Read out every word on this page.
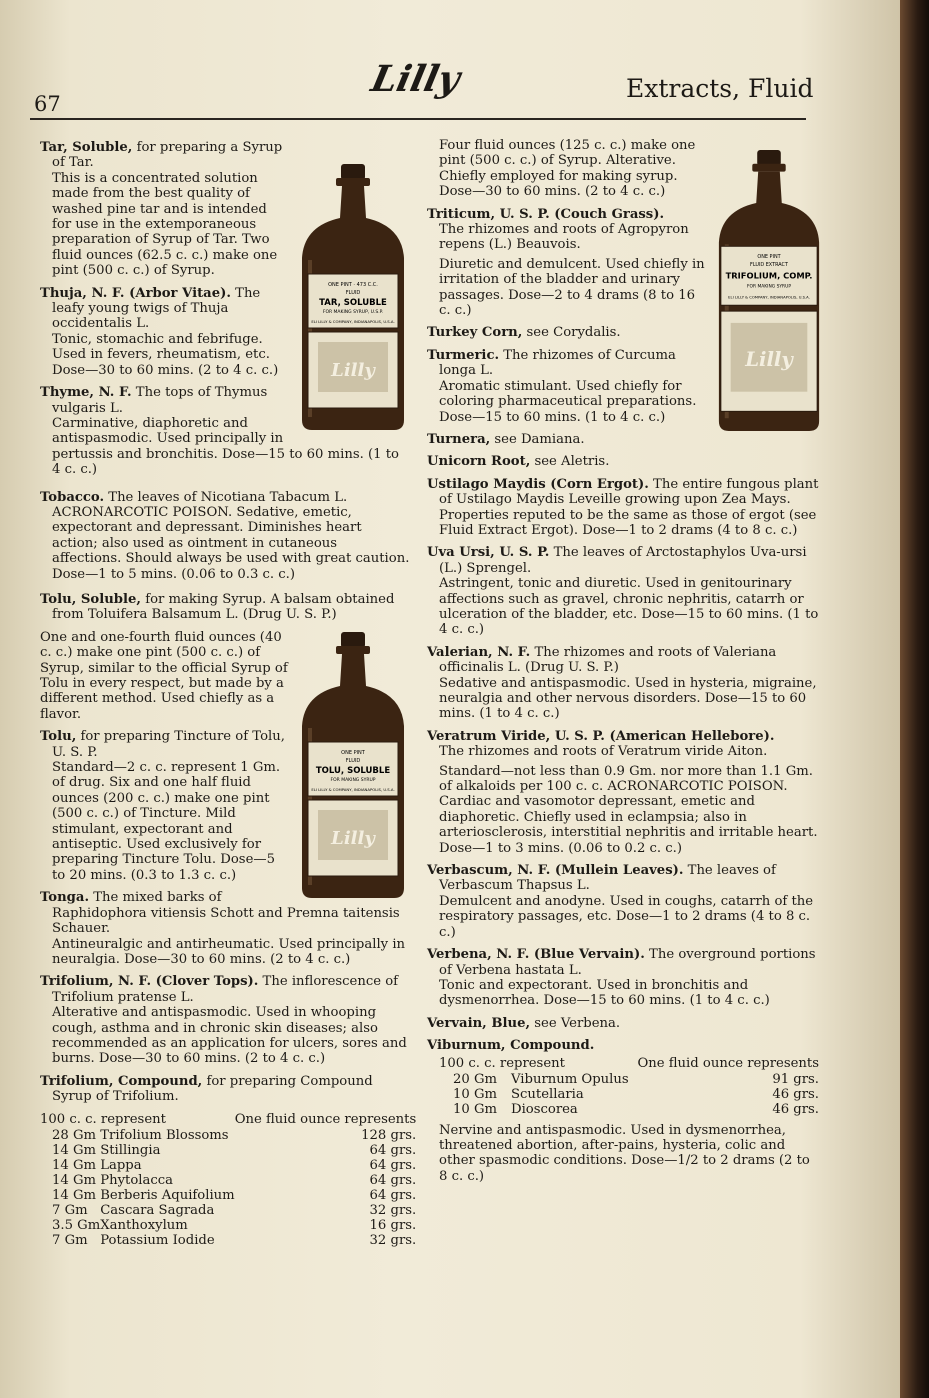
67
Lilly	Extracts, Fluid
ONE PINT · 473 C.C.
FLUID
TAR, SOLUBLE
FOR MAKING SYRUP, U.S.P.
ELI LILLY & COMPANY, INDIANAPOLIS, U.S.A.
Lilly
Tar, Soluble, for preparing a Syrup of Tar.
This is a concentrated solution made from the best quality of washed pine tar and is intended for use in the extemporaneous preparation of Syrup of Tar. Two fluid ounces (62.5 c. c.) make one pint (500 c. c.) of Syrup.
Thuja, N. F. (Arbor Vitae). The leafy young twigs of Thuja occidentalis L.
Tonic, stomachic and febrifuge. Used in fevers, rheumatism, etc. Dose—30 to 60 mins. (2 to 4 c. c.)
Thyme, N. F. The tops of Thymus vulgaris L.
Carminative, diaphoretic and antispasmodic. Used principally in pertussis and bronchitis. Dose—15 to 60 mins. (1 to 4 c. c.)
Tobacco. The leaves of Nicotiana Tabacum L.
ACRONARCOTIC POISON. Sedative, emetic, expectorant and depressant. Diminishes heart action; also used as ointment in cutaneous affections. Should always be used with great caution. Dose—1 to 5 mins. (0.06 to 0.3 c. c.)
Tolu, Soluble, for making Syrup. A balsam obtained from Toluifera Balsamum L. (Drug U. S. P.)
ONE PINT
FLUID
TOLU, SOLUBLE
FOR MAKING SYRUP
ELI LILLY & COMPANY, INDIANAPOLIS, U.S.A.
Lilly
One and one-fourth fluid ounces (40 c. c.) make one pint (500 c. c.) of Syrup, similar to the official Syrup of Tolu in every respect, but made by a different method. Used chiefly as a flavor.
Tolu, for preparing Tincture of Tolu, U. S. P.
Standard—2 c. c. represent 1 Gm. of drug. Six and one half fluid ounces (200 c. c.) make one pint (500 c. c.) of Tincture. Mild stimulant, expectorant and antiseptic. Used exclusively for preparing Tincture Tolu. Dose—5 to 20 mins. (0.3 to 1.3 c. c.)
Tonga. The mixed barks of Raphidophora vitiensis Schott and Premna taitensis Schauer.
Antineuralgic and antirheumatic. Used principally in neuralgia. Dose—30 to 60 mins. (2 to 4 c. c.)
Trifolium, N. F. (Clover Tops). The inflorescence of Trifolium pratense L.
Alterative and antispasmodic. Used in whooping cough, asthma and in chronic skin diseases; also recommended as an application for ulcers, sores and burns. Dose—30 to 60 mins. (2 to 4 c. c.)
Trifolium, Compound, for preparing Compound Syrup of Trifolium.
100 c. c. represent		One fluid ounce represents
28 Gm	Trifolium Blossoms	128 grs.
14 Gm	Stillingia	64 grs.
14 Gm	Lappa	64 grs.
14 Gm	Phytolacca	64 grs.
14 Gm	Berberis Aquifolium	64 grs.
7 Gm	Cascara Sagrada	32 grs.
3.5 Gm	Xanthoxylum	16 grs.
7 Gm	Potassium Iodide	32 grs.
ONE PINT
FLUID EXTRACT
TRIFOLIUM, COMP.
FOR MAKING SYRUP
ELI LILLY & COMPANY, INDIANAPOLIS, U.S.A.
Lilly
Four fluid ounces (125 c. c.) make one pint (500 c. c.) of Syrup. Alterative. Chiefly employed for making syrup. Dose—30 to 60 mins. (2 to 4 c. c.)
Triticum, U. S. P. (Couch Grass).
The rhizomes and roots of Agropyron repens (L.) Beauvois.
Diuretic and demulcent. Used chiefly in irritation of the bladder and urinary passages. Dose—2 to 4 drams (8 to 16 c. c.)
Turkey Corn, see Corydalis.
Turmeric. The rhizomes of Curcuma longa L.
Aromatic stimulant. Used chiefly for coloring pharmaceutical preparations. Dose—15 to 60 mins. (1 to 4 c. c.)
Turnera, see Damiana.
Unicorn Root, see Aletris.
Ustilago Maydis (Corn Ergot). The entire fungous plant of Ustilago Maydis Leveille growing upon Zea Mays.
Properties reputed to be the same as those of ergot (see Fluid Extract Ergot). Dose—1 to 2 drams (4 to 8 c. c.)
Uva Ursi, U. S. P. The leaves of Arctostaphylos Uva-ursi (L.) Sprengel.
Astringent, tonic and diuretic. Used in genitourinary affections such as gravel, chronic nephritis, catarrh or ulceration of the bladder, etc. Dose—15 to 60 mins. (1 to 4 c. c.)
Valerian, N. F. The rhizomes and roots of Valeriana officinalis L. (Drug U. S. P.)
Sedative and antispasmodic. Used in hysteria, migraine, neuralgia and other nervous disorders. Dose—15 to 60 mins. (1 to 4 c. c.)
Veratrum Viride, U. S. P. (American Hellebore).
The rhizomes and roots of Veratrum viride Aiton.
Standard—not less than 0.9 Gm. nor more than 1.1 Gm. of alkaloids per 100 c. c. ACRONARCOTIC POISON. Cardiac and vasomotor depressant, emetic and diaphoretic. Chiefly used in eclampsia; also in arteriosclerosis, interstitial nephritis and irritable heart. Dose—1 to 3 mins. (0.06 to 0.2 c. c.)
Verbascum, N. F. (Mullein Leaves). The leaves of Verbascum Thapsus L.
Demulcent and anodyne. Used in coughs, catarrh of the respiratory passages, etc. Dose—1 to 2 drams (4 to 8 c. c.)
Verbena, N. F. (Blue Vervain). The overground portions of Verbena hastata L.
Tonic and expectorant. Used in bronchitis and dysmenorrhea. Dose—15 to 60 mins. (1 to 4 c. c.)
Vervain, Blue, see Verbena.
Viburnum, Compound.
100 c. c. represent		One fluid ounce represents
20 Gm	Viburnum Opulus	91 grs.
10 Gm	Scutellaria	46 grs.
10 Gm	Dioscorea	46 grs.
Nervine and antispasmodic. Used in dysmenorrhea, threatened abortion, after-pains, hysteria, colic and other spasmodic conditions. Dose—1/2 to 2 drams (2 to 8 c. c.)
